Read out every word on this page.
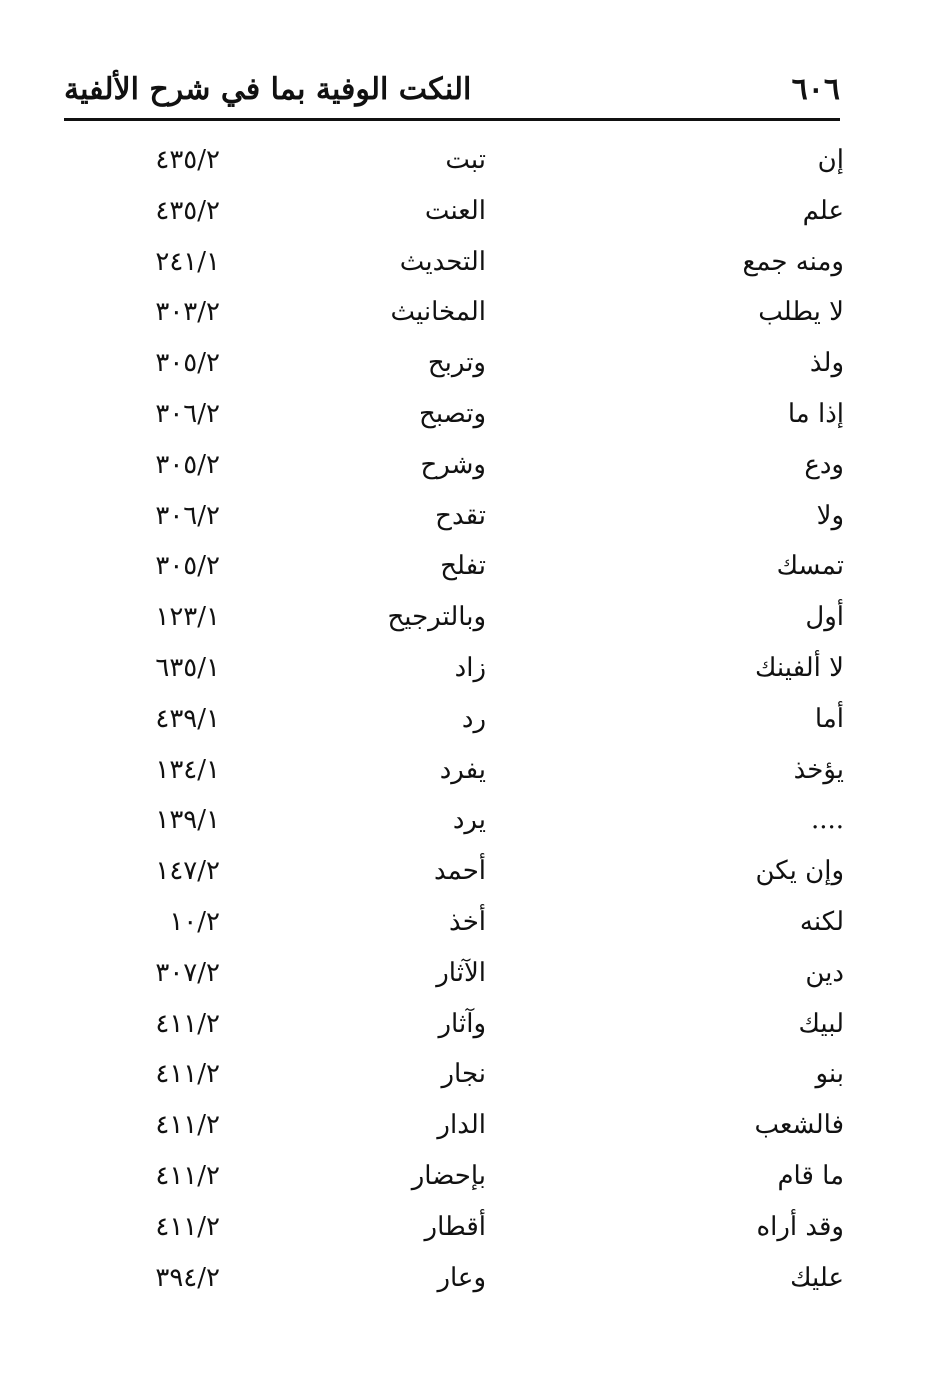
٦٠٦
النكت الوفية بما في شرح الألفية
إن
تبت
٤٣٥/٢
علم
العنت
٤٣٥/٢
ومنه جمع
التحديث
٢٤١/١
لا يطلب
المخانيث
٣٠٣/٢
ولذ
وتربح
٣٠٥/٢
إذا ما
وتصبح
٣٠٦/٢
ودع
وشرح
٣٠٥/٢
ولا
تقدح
٣٠٦/٢
تمسك
تفلح
٣٠٥/٢
أول
وبالترجيح
١٢٣/١
لا ألفينك
زاد
٦٣٥/١
أما
رد
٤٣٩/١
يؤخذ
يفرد
١٣٤/١
....
يرد
١٣٩/١
وإن يكن
أحمد
١٤٧/٢
لكنه
أخذ
١٠/٢
دين
الآثار
٣٠٧/٢
لبيك
وآثار
٤١١/٢
بنو
نجار
٤١١/٢
فالشعب
الدار
٤١١/٢
ما قام
بإحضار
٤١١/٢
وقد أراه
أقطار
٤١١/٢
عليك
وعار
٣٩٤/٢
